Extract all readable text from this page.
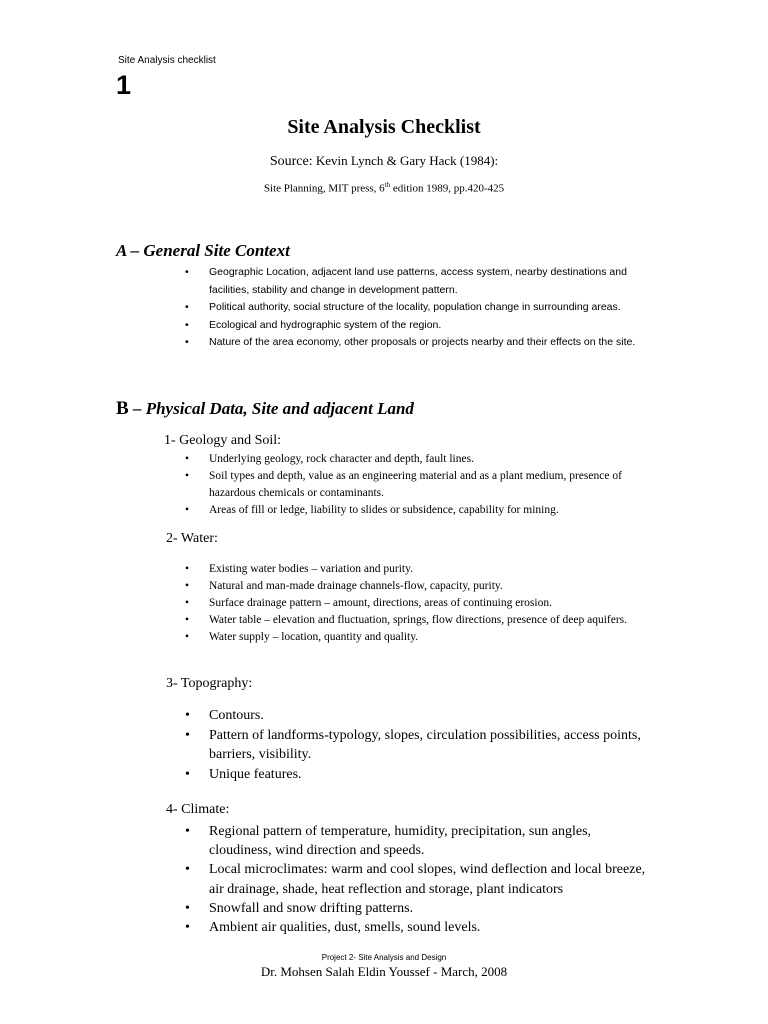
Site Analysis checklist
1
Site Analysis Checklist
Source: Kevin Lynch & Gary Hack (1984):
Site Planning, MIT press, 6th edition 1989, pp.420-425
A – General Site Context
• Geographic Location, adjacent land use patterns, access system, nearby destinations and facilities, stability and change in development pattern.
• Political authority, social structure of the locality, population change in surrounding areas.
• Ecological and hydrographic system of the region.
• Nature of the area economy, other proposals or projects nearby and their effects on the site.
B – Physical Data, Site and adjacent Land
1- Geology and Soil:
• Underlying geology, rock character and depth, fault lines.
• Soil types and depth, value as an engineering material and as a plant medium, presence of hazardous chemicals or contaminants.
• Areas of fill or ledge, liability to slides or subsidence, capability for mining.
2- Water:
• Existing water bodies – variation and purity.
• Natural and man-made drainage channels-flow, capacity, purity.
• Surface drainage pattern – amount, directions, areas of continuing erosion.
• Water table – elevation and fluctuation, springs, flow directions, presence of deep aquifers.
• Water supply – location, quantity and quality.
3- Topography:
• Contours.
• Pattern of landforms-typology, slopes, circulation possibilities, access points, barriers, visibility.
• Unique features.
4- Climate:
• Regional pattern of temperature, humidity, precipitation, sun angles, cloudiness, wind direction and speeds.
• Local microclimates: warm and cool slopes, wind deflection and local breeze, air drainage, shade, heat reflection and storage, plant indicators
• Snowfall and snow drifting patterns.
• Ambient air qualities, dust, smells, sound levels.
Project 2- Site Analysis and Design
Dr. Mohsen Salah Eldin Youssef - March, 2008
